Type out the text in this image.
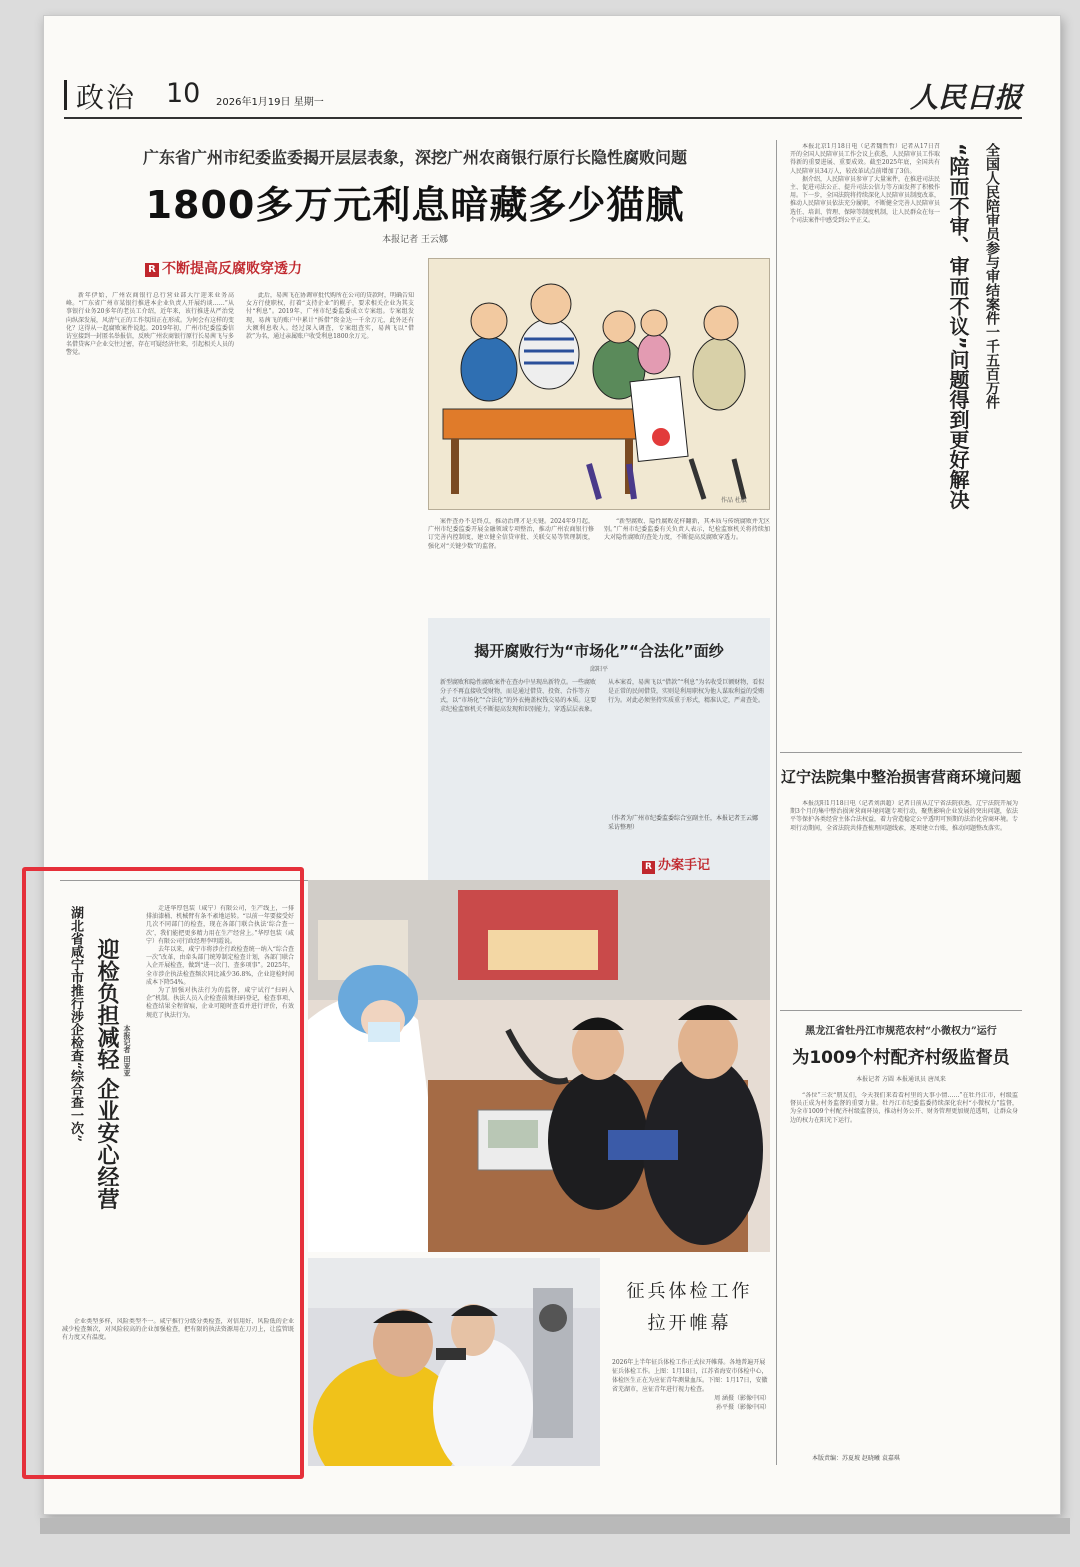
政治 10 2026年1月19日 星期一	人民日报
广东省广州市纪委监委揭开层层表象，深挖广州农商银行原行长隐性腐败问题
1800多万元利息暗藏多少猫腻
本报记者 王云娜
R 不断提高反腐败穿透力

新年伊始，广州农商银行总行营业部大厅迎来业务高峰。“广东省广州市某银行推进本企业负责人开展约谈……”从事银行业务20多年的老员工介绍，近年来，该行推进从严治党向纵深发展，风清气正的工作氛围正在形成。为何会有这样的变化？这得从一起腐败案件说起。2019年初，广州市纪委监委信访室接到一封匿名举报信，反映广州农商银行原行长易茜飞与多名借贷客户企业交往过密，存在可疑经济往来，引起相关人员的警觉。

此后，易茜飞在协调审批代购所在公司的贷款时，明确告知女方行使职权，打着“支持企业”的幌子，要求相关企业为其支付“利息”。2019年，广州市纪委监委成立专案组。专案组发现，易茜飞的账户中累计“拆借”资金达一千余万元，此外还有大额利息收入。经过深入调查，专案组查实，易茜飞以“借款”为名，通过亲属账户收受利息1800余万元。

案件查办不是终点，推动治理才是关键。2024年9月起，广州市纪委监委开展金融领域专项整治，推动广州农商银行修订完善内控制度，建立健全信贷审批、关联交易等管理制度，强化对“关键少数”的监督。

“新型腐败、隐性腐败花样翻新，其本质与传统腐败并无区别。”广州市纪委监委有关负责人表示，纪检监察机关将持续加大对隐性腐败的查处力度，不断提高反腐败穿透力。

作品 杜敏
揭开腐败行为“市场化”“合法化”面纱
邱阳平
新型腐败和隐性腐败案件在查办中呈现出新特点。一些腐败分子不再直接收受财物，而是通过借贷、投资、合作等方式，以“市场化”“合法化”的外衣掩盖权钱交易的本质。这要求纪检监察机关不断提高发现和识别能力，穿透层层表象。
从本案看，易茜飞以“借款”“利息”为名收受巨额财物，看似是正常的民间借贷，实则是利用职权为他人谋取利益的受贿行为。对此必须坚持实质重于形式，精准认定，严肃查处。
（作者为广州市纪委监委综合室副主任，本报记者王云娜采访整理）
R 办案手记

本报北京1月18日电（记者魏哲哲）记者从17日召开的全国人民陪审员工作会议上获悉，人民陪审员工作取得新的重要进展、重要成效。截至2025年底，全国共有人民陪审员34万人，较改革试点前增加了3倍。

据介绍，人民陪审员参审了大量案件，在推进司法民主、促进司法公正、提升司法公信力等方面发挥了积极作用。下一步，全国法院将持续深化人民陪审员制度改革，推动人民陪审员依法充分履职，不断健全完善人民陪审员选任、培训、管理、保障等制度机制，让人民群众在每一个司法案件中感受到公平正义。	全国人民陪审员参与审结案件一千五百万件
“陪而不审、审而不议”问题得到更好解决
辽宁法院集中整治损害营商环境问题

本报沈阳1月18日电（记者刘洪超）记者日前从辽宁省法院获悉，辽宁法院开展为期3个月的集中整治损害营商环境问题专项行动，聚焦影响企业发展的突出问题，依法平等保护各类经营主体合法权益，着力营造稳定公平透明可预期的法治化营商环境。专项行动期间，全省法院共排查梳理问题线索，逐项建立台账，推动问题整改落实。

黑龙江省牡丹江市规范农村“小微权力”运行
为1009个村配齐村级监督员
本报记者 方圆 本报通讯员 唐凤来

“各位”三农“朋友们，今天我们来看看村里的大事小情……”在牡丹江市，村级监督员正成为村务监督的重要力量。牡丹江市纪委监委持续深化农村“小微权力”监督，为全市1009个村配齐村级监督员，推动村务公开、财务管理更加规范透明，让群众身边的权力在阳光下运行。

本版责编：苏夏坡 赵晓曦 袁嘉琪
湖北省咸宁市推行涉企检查“综合查一次” 迎检负担减轻 企业安心经营 本报记者 田亚亚

走进华厚包装（咸宁）有限公司，生产线上，一排排油漆桶、机械臂有条不紊地运转。“以前一年要接受好几次不同部门的检查，现在各部门联合执法‘综合查一次’，我们能把更多精力用在生产经营上。”华厚包装（咸宁）有限公司行政经理李明霞说。

去年以来，咸宁市将涉企行政检查统一纳入“综合查一次”改革，由牵头部门统筹制定检查计划，各部门联合入企开展检查，做到“进一次门、查多项事”。2025年，全市涉企执法检查频次同比减少36.8%，企业迎检时间成本下降54%。

为了加强对执法行为的监督，咸宁试行“扫码入企”机制。执法人员入企检查前须扫码登记，检查事项、检查结果全程留痕，企业可随时查看并进行评价，有效规范了执法行为。

企业类型多样，风险类型不一。咸宁推行分级分类检查，对信用好、风险低的企业减少检查频次，对风险较高的企业加强检查，把有限的执法资源用在刀刃上，让监管既有力度又有温度。

征兵体检工作
拉开帷幕
2026年上半年征兵体检工作正式拉开帷幕。各地普遍开展征兵体检工作。上图：1月18日，江苏省海安市体检中心，体检医生正在为应征青年测量血压。下图：1月17日，安徽省芜湖市，应征青年进行视力检查。
周 涵摄（影像中国）
孙平摄（影像中国）
